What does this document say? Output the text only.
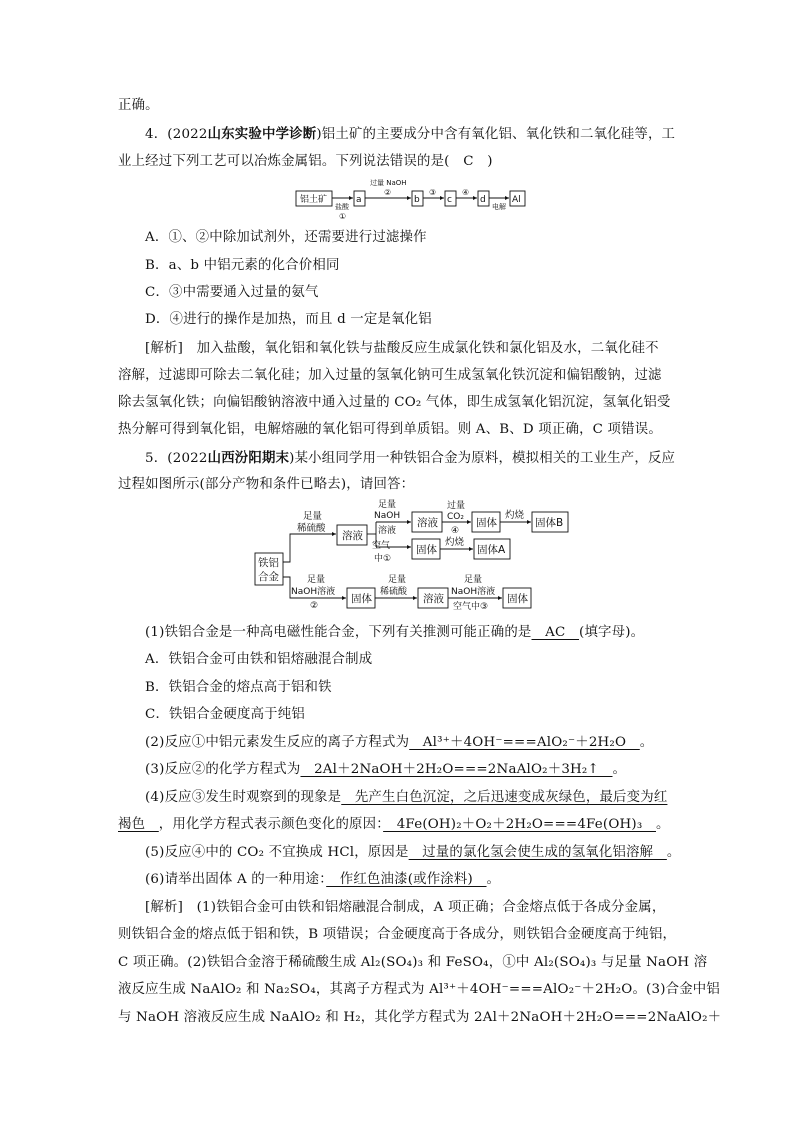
正确。
4．(2022山东实验中学诊断)铝土矿的主要成分中含有氧化铝、氧化铁和二氧化硅等，工
业上经过下列工艺可以冶炼金属铝。下列说法错误的是(　C　)
铝土矿
盐酸
①
a
过量 NaOH
②
b
③
c
④
d
电解
Al
A．①、②中除加试剂外，还需要进行过滤操作
B．a、b 中铝元素的化合价相同
C．③中需要通入过量的氨气
D．④进行的操作是加热，而且 d 一定是氧化铝
[解析]　加入盐酸，氧化铝和氧化铁与盐酸反应生成氯化铁和氯化铝及水，二氧化硅不
溶解，过滤即可除去二氧化硅；加入过量的氢氧化钠可生成氢氧化铁沉淀和偏铝酸钠，过滤
除去氢氧化铁；向偏铝酸钠溶液中通入过量的 CO₂ 气体，即生成氢氧化铝沉淀，氢氧化铝受
热分解可得到氧化铝，电解熔融的氧化铝可得到单质铝。则 A、B、D 项正确，C 项错误。
5．(2022山西汾阳期末)某小组同学用一种铁铝合金为原料，模拟相关的工业生产，反应
过程如图所示(部分产物和条件已略去)，请回答：
铁铝
合金
足量
稀硫酸
溶液
足量
NaOH
溶液
空气
中①
溶液
过量
CO₂
④
固体
灼烧
固体B
固体
灼烧
固体A
足量
NaOH溶液
②
固体
足量
稀硫酸
溶液
足量
NaOH溶液
空气中③
固体
(1)铁铝合金是一种高电磁性能合金，下列有关推测可能正确的是　AC　(填字母)。
A．铁铝合金可由铁和铝熔融混合制成
B．铁铝合金的熔点高于铝和铁
C．铁铝合金硬度高于纯铝
(2)反应①中铝元素发生反应的离子方程式为　Al³⁺＋4OH⁻===AlO₂⁻＋2H₂O　。
(3)反应②的化学方程式为　2Al＋2NaOH＋2H₂O===2NaAlO₂＋3H₂↑　。
(4)反应③发生时观察到的现象是　先产生白色沉淀，之后迅速变成灰绿色，最后变为红
褐色　，用化学方程式表示颜色变化的原因：　4Fe(OH)₂＋O₂＋2H₂O===4Fe(OH)₃　。
(5)反应④中的 CO₂ 不宜换成 HCl，原因是　过量的氯化氢会使生成的氢氧化铝溶解　。
(6)请举出固体 A 的一种用途：　作红色油漆(或作涂料)　。
[解析]　(1)铁铝合金可由铁和铝熔融混合制成，A 项正确；合金熔点低于各成分金属，
则铁铝合金的熔点低于铝和铁，B 项错误；合金硬度高于各成分，则铁铝合金硬度高于纯铝，
C 项正确。(2)铁铝合金溶于稀硫酸生成 Al₂(SO₄)₃ 和 FeSO₄，①中 Al₂(SO₄)₃ 与足量 NaOH 溶
液反应生成 NaAlO₂ 和 Na₂SO₄，其离子方程式为 Al³⁺＋4OH⁻===AlO₂⁻＋2H₂O。(3)合金中铝
与 NaOH 溶液反应生成 NaAlO₂ 和 H₂，其化学方程式为 2Al＋2NaOH＋2H₂O===2NaAlO₂＋
